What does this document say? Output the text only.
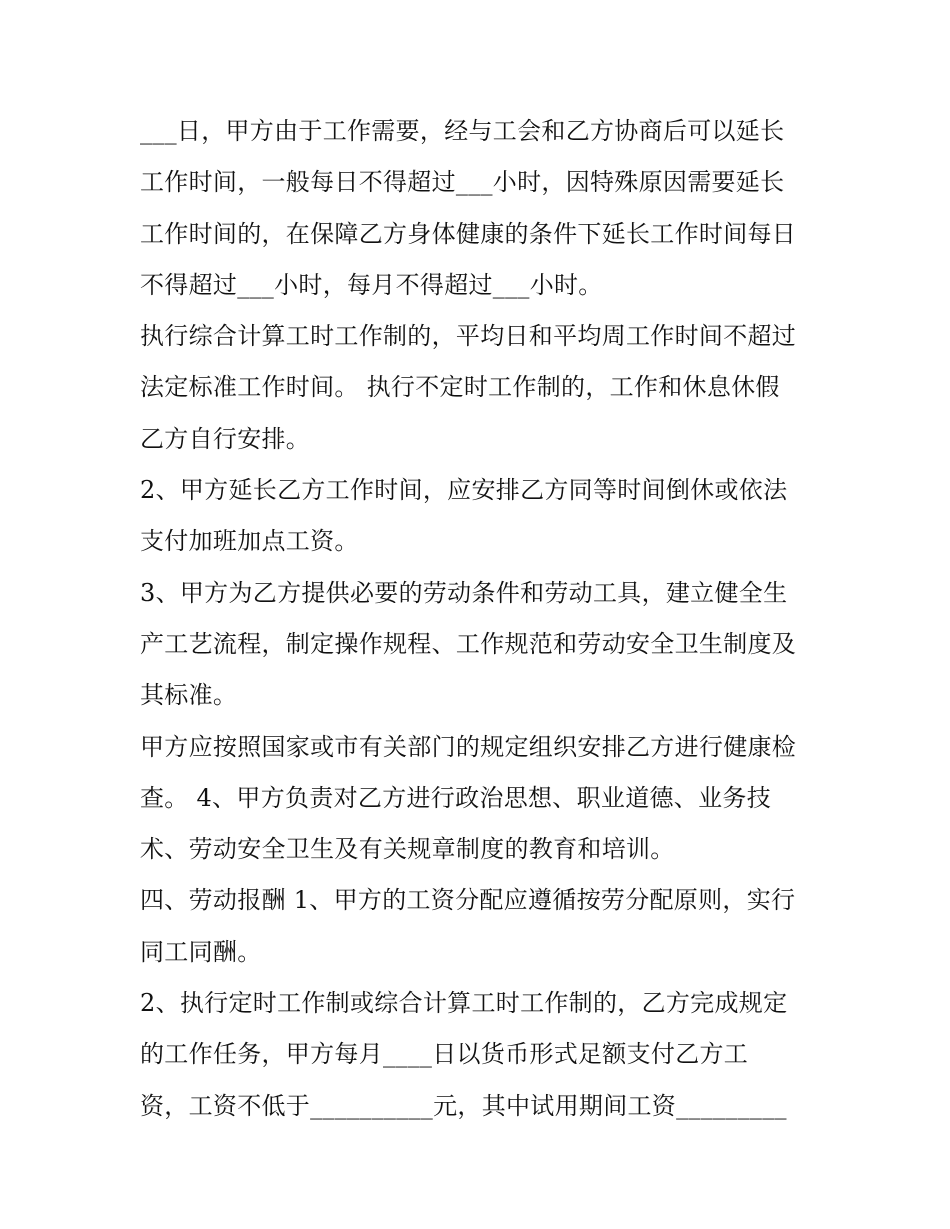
___日，甲方由于工作需要，经与工会和乙方协商后可以延长
工作时间，一般每日不得超过___小时，因特殊原因需要延长
工作时间的，在保障乙方身体健康的条件下延长工作时间每日
不得超过___小时，每月不得超过___小时。
执行综合计算工时工作制的，平均日和平均周工作时间不超过
法定标准工作时间。 执行不定时工作制的，工作和休息休假
乙方自行安排。
2、甲方延长乙方工作时间，应安排乙方同等时间倒休或依法
支付加班加点工资。
3、甲方为乙方提供必要的劳动条件和劳动工具，建立健全生
产工艺流程，制定操作规程、工作规范和劳动安全卫生制度及
其标准。
甲方应按照国家或市有关部门的规定组织安排乙方进行健康检
查。 4、甲方负责对乙方进行政治思想、职业道德、业务技
术、劳动安全卫生及有关规章制度的教育和培训。
四、劳动报酬 1、甲方的工资分配应遵循按劳分配原则，实行
同工同酬。
2、执行定时工作制或综合计算工时工作制的，乙方完成规定
的工作任务，甲方每月____日以货币形式足额支付乙方工
资，工资不低于__________元，其中试用期间工资_________
